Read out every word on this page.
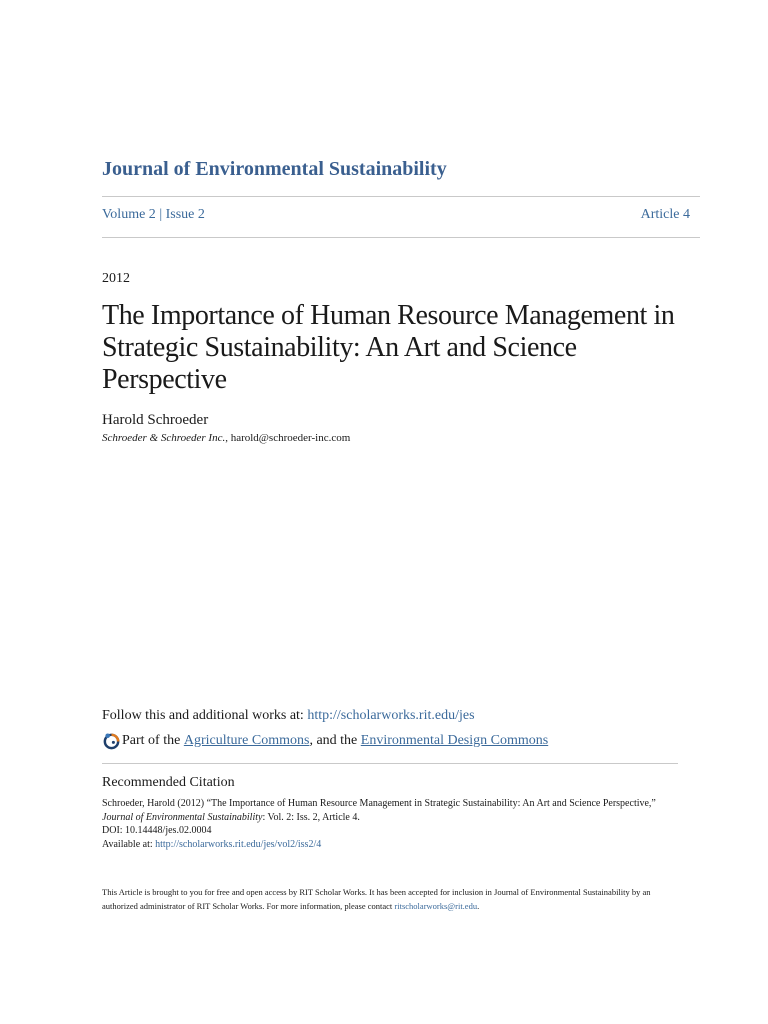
Journal of Environmental Sustainability
Volume 2 | Issue 2	Article 4
2012
The Importance of Human Resource Management in Strategic Sustainability: An Art and Science Perspective
Harold Schroeder
Schroeder & Schroeder Inc., harold@schroeder-inc.com
Follow this and additional works at: http://scholarworks.rit.edu/jes
Part of the
Agriculture Commons , and the
Environmental Design Commons
Recommended Citation
Schroeder, Harold (2012) “The Importance of Human Resource Management in Strategic Sustainability: An Art and Science Perspective,” Journal of Environmental Sustainability: Vol. 2: Iss. 2, Article 4.
DOI: 10.14448/jes.02.0004
Available at: http://scholarworks.rit.edu/jes/vol2/iss2/4
This Article is brought to you for free and open access by RIT Scholar Works. It has been accepted for inclusion in Journal of Environmental Sustainability by an authorized administrator of RIT Scholar Works. For more information, please contact ritscholarworks@rit.edu.
